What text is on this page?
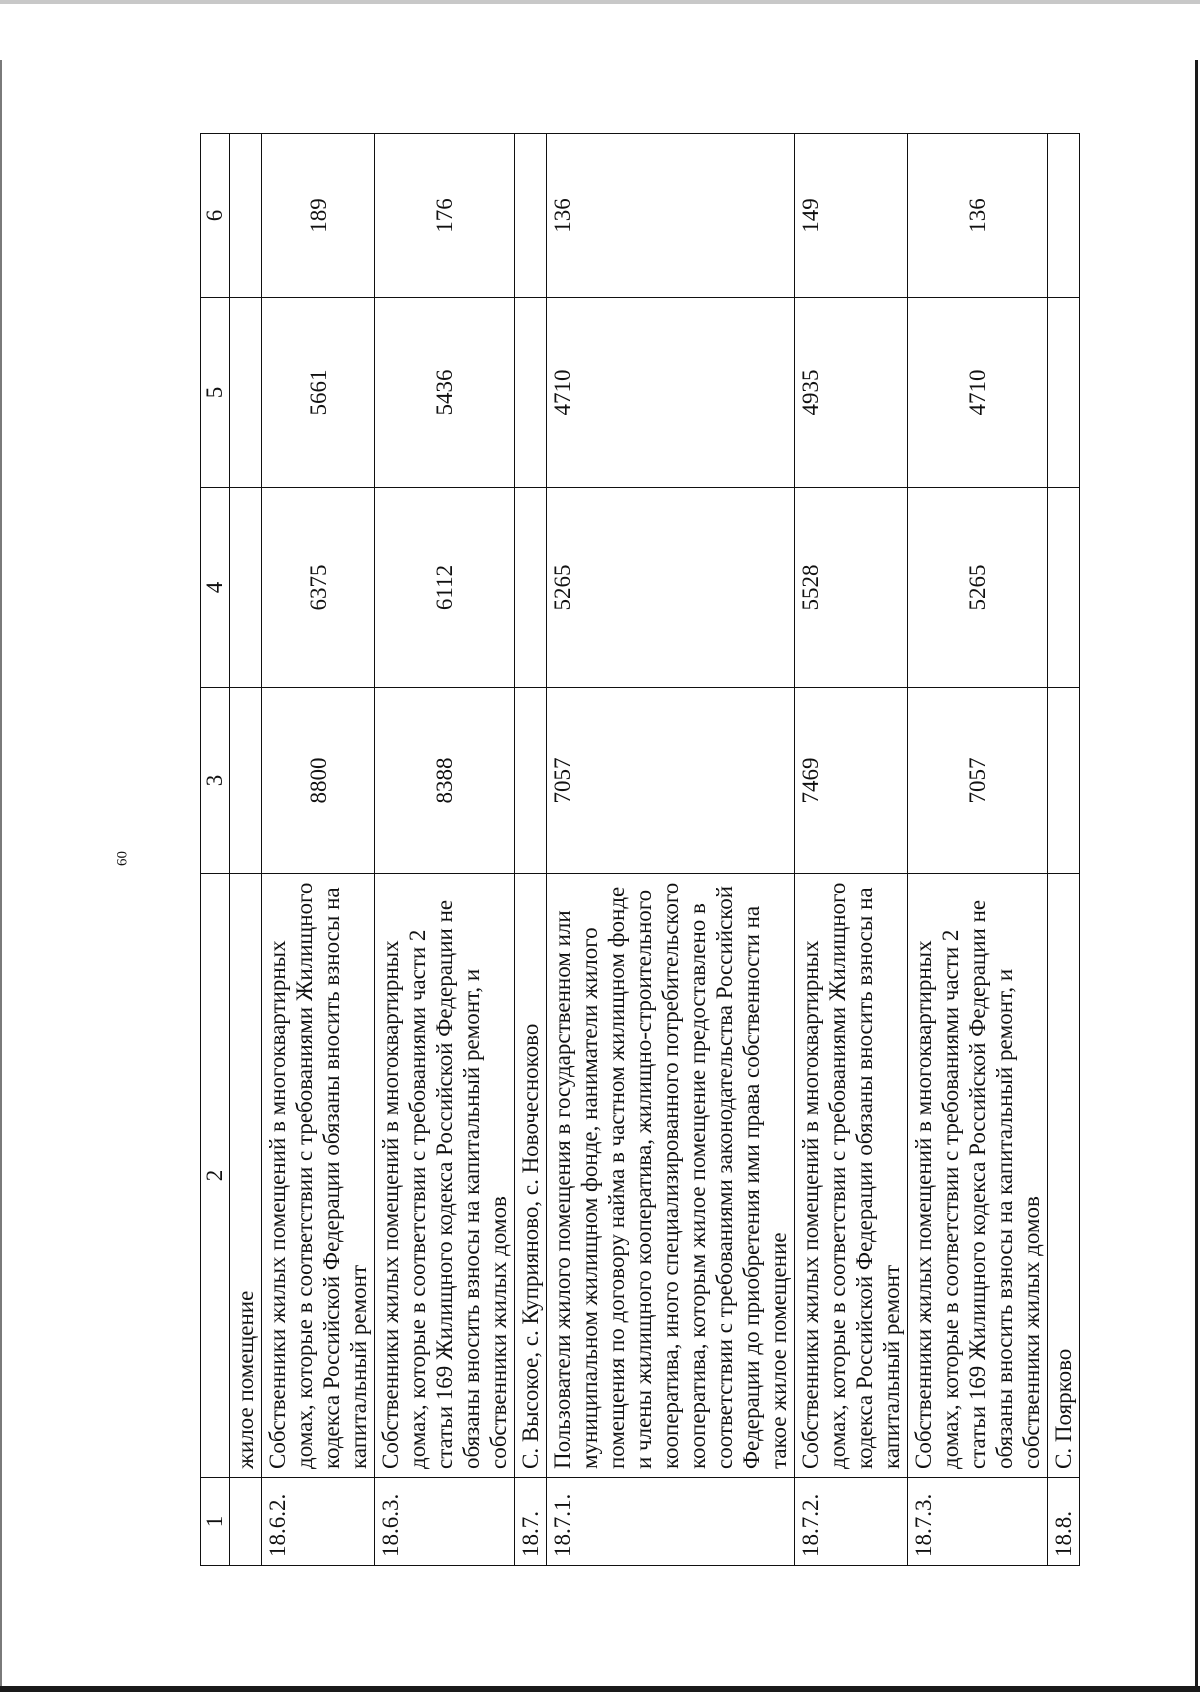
60
1	2	3	4	5	6
	жилое помещение				
18.6.2.	Собственники жилых помещений в многоквартирных домах, которые в соответствии с требованиями Жилищного кодекса Российской Федерации обязаны вносить взносы на капитальный ремонт	8800	6375	5661	189
18.6.3.	Собственники жилых помещений в многоквартирных домах, которые в соответствии с требованиями части 2 статьи 169 Жилищного кодекса Российской Федерации не обязаны вносить взносы на капитальный ремонт, и собственники жилых домов	8388	6112	5436	176
18.7.	С. Высокое, с. Куприяново, с. Новочесноково				
18.7.1.	Пользователи жилого помещения в государственном или муниципальном жилищном фонде, наниматели жилого помещения по договору найма в частном жилищном фонде и члены жилищного кооператива, жилищно-строительного кооператива, иного специализированного потребительского кооператива, которым жилое помещение предоставлено в соответствии с требованиями законодательства Российской Федерации до приобретения ими права собственности на такое жилое помещение	7057	5265	4710	136
18.7.2.	Собственники жилых помещений в многоквартирных домах, которые в соответствии с требованиями Жилищного кодекса Российской Федерации обязаны вносить взносы на капитальный ремонт	7469	5528	4935	149
18.7.3.	Собственники жилых помещений в многоквартирных домах, которые в соответствии с требованиями части 2 статьи 169 Жилищного кодекса Российской Федерации не обязаны вносить взносы на капитальный ремонт, и собственники жилых домов	7057	5265	4710	136
18.8.	С. Поярково				
